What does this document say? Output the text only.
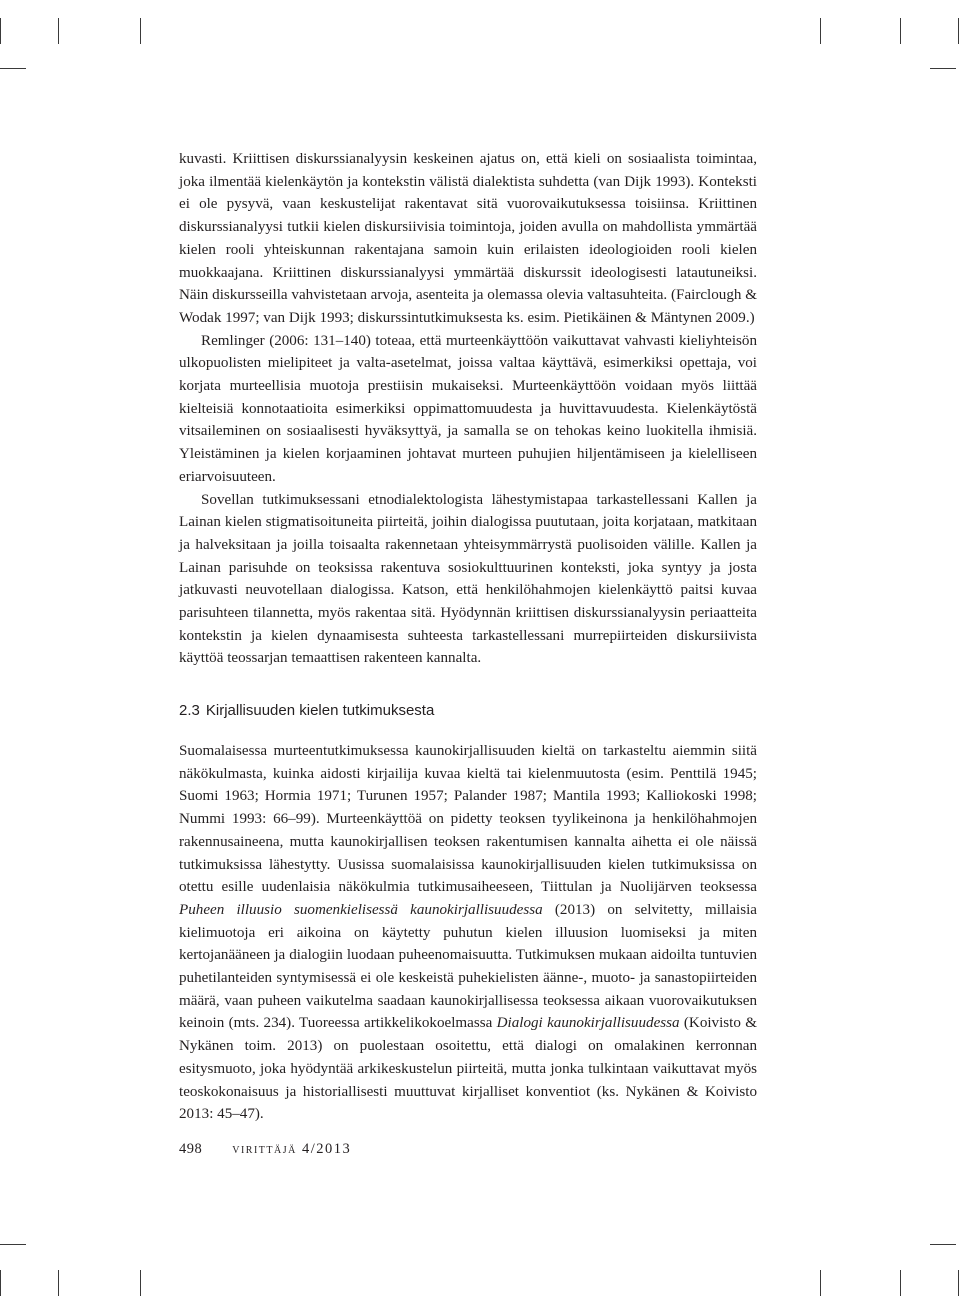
kuvasti. Kriittisen diskurssianalyysin keskeinen ajatus on, että kieli on sosiaalista toimintaa, joka ilmentää kielenkäytön ja kontekstin välistä dialektista suhdetta (van Dijk 1993). Konteksti ei ole pysyvä, vaan keskustelijat rakentavat sitä vuorovaikutuksessa toisiinsa. Kriittinen diskurssianalyysi tutkii kielen diskursiivisia toimintoja, joiden avulla on mahdollista ymmärtää kielen rooli yhteiskunnan rakentajana samoin kuin erilaisten ideologioiden rooli kielen muokkaajana. Kriittinen diskurssianalyysi ymmärtää diskurssit ideologisesti latautuneiksi. Näin diskursseilla vahvistetaan arvoja, asenteita ja olemassa olevia valtasuhteita. (Fairclough & Wodak 1997; van Dijk 1993; diskurssintutkimuksesta ks. esim. Pietikäinen & Mäntynen 2009.)

Remlinger (2006: 131–140) toteaa, että murteenkäyttöön vaikuttavat vahvasti kieliyhteisön ulkopuolisten mielipiteet ja valta-asetelmat, joissa valtaa käyttävä, esimerkiksi opettaja, voi korjata murteellisia muotoja prestiisin mukaiseksi. Murteenkäyttöön voidaan myös liittää kielteisiä konnotaatioita esimerkiksi oppimattomuudesta ja huvittavuudesta. Kielenkäytöstä vitsaileminen on sosiaalisesti hyväksyttyä, ja samalla se on tehokas keino luokitella ihmisiä. Yleistäminen ja kielen korjaaminen johtavat murteen puhujien hiljentämiseen ja kielelliseen eriarvoisuuteen.

Sovellan tutkimuksessani etnodialektologista lähestymistapaa tarkastellessani Kallen ja Lainan kielen stigmatisoituneita piirteitä, joihin dialogissa puututaan, joita korjataan, matkitaan ja halveksitaan ja joilla toisaalta rakennetaan yhteisymmärrystä puolisoiden välille. Kallen ja Lainan parisuhde on teoksissa rakentuva sosiokulttuurinen konteksti, joka syntyy ja josta jatkuvasti neuvotellaan dialogissa. Katson, että henkilöhahmojen kielenkäyttö paitsi kuvaa parisuhteen tilannetta, myös rakentaa sitä. Hyödynnän kriittisen diskurssianalyysin periaatteita kontekstin ja kielen dynaamisesta suhteesta tarkastellessani murrepiirteiden diskursiivista käyttöä teossarjan temaattisen rakenteen kannalta.

2.3 Kirjallisuuden kielen tutkimuksesta

Suomalaisessa murteentutkimuksessa kaunokirjallisuuden kieltä on tarkasteltu aiemmin siitä näkökulmasta, kuinka aidosti kirjailija kuvaa kieltä tai kielenmuutosta (esim. Penttilä 1945; Suomi 1963; Hormia 1971; Turunen 1957; Palander 1987; Mantila 1993; Kalliokoski 1998; Nummi 1993: 66–99). Murteenkäyttöä on pidetty teoksen tyylikeinona ja henkilöhahmojen rakennusaineena, mutta kaunokirjallisen teoksen rakentumisen kannalta aihetta ei ole näissä tutkimuksissa lähestytty. Uusissa suomalaisissa kaunokirjallisuuden kielen tutkimuksissa on otettu esille uudenlaisia näkökulmia tutkimusaiheeseen, Tiittulan ja Nuolijärven teoksessa Puheen illuusio suomenkielisessä kaunokirjallisuudessa (2013) on selvitetty, millaisia kielimuotoja eri aikoina on käytetty puhutun kielen illuusion luomiseksi ja miten kertojanääneen ja dialogiin luodaan puheenomaisuutta. Tutkimuksen mukaan aidoilta tuntuvien puhetilanteiden syntymisessä ei ole keskeistä puhekielisten äänne-, muoto- ja sanastopiirteiden määrä, vaan puheen vaikutelma saadaan kaunokirjallisessa teoksessa aikaan vuorovaikutuksen keinoin (mts. 234). Tuoreessa artikkelikokoelmassa Dialogi kaunokirjallisuudessa (Koivisto & Nykänen toim. 2013) on puolestaan osoitettu, että dialogi on omalakinen kerronnan esitysmuoto, joka hyödyntää arkikeskustelun piirteitä, mutta jonka tulkintaan vaikuttavat myös teoskokonaisuus ja historiallisesti muuttuvat kirjalliset konventiot (ks. Nykänen & Koivisto 2013: 45–47).

498 virittäjä 4/2013
